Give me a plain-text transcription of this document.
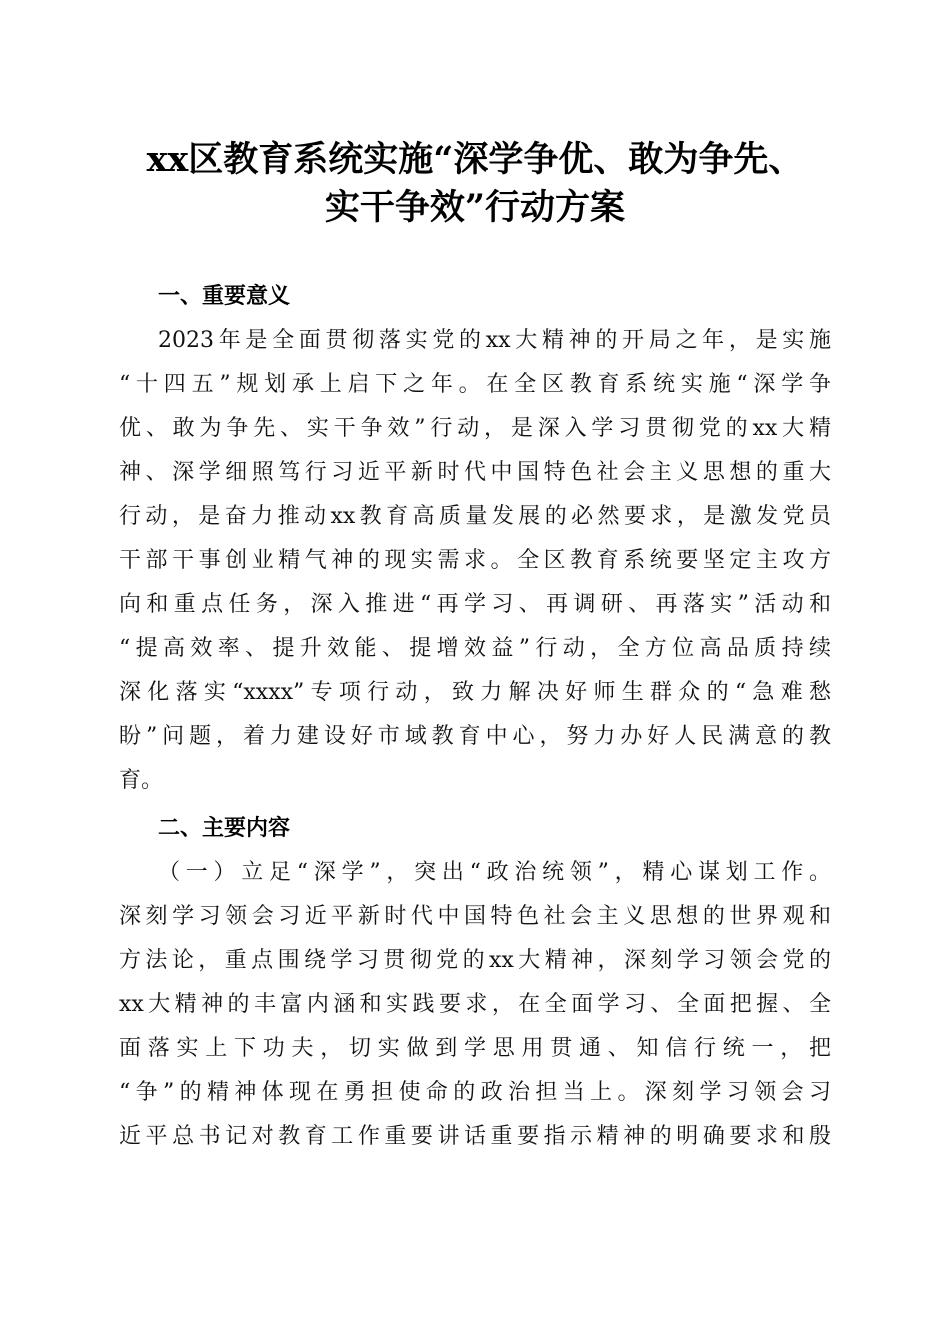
xx区教育系统实施“深学争优、敢为争先、
实干争效”行动方案
一、重要意义
2023年是全面贯彻落实党的xx大精神的开局之年，是实施
“十四五”规划承上启下之年。在全区教育系统实施“深学争
优、敢为争先、实干争效”行动，是深入学习贯彻党的xx大精
神、深学细照笃行习近平新时代中国特色社会主义思想的重大
行动，是奋力推动xx教育高质量发展的必然要求，是激发党员
干部干事创业精气神的现实需求。全区教育系统要坚定主攻方
向和重点任务，深入推进“再学习、再调研、再落实”活动和
“提高效率、提升效能、提增效益”行动，全方位高品质持续
深化落实“xxxx”专项行动，致力解决好师生群众的“急难愁
盼”问题，着力建设好市域教育中心，努力办好人民满意的教
育。
二、主要内容
（一）立足“深学”，突出“政治统领”，精心谋划工作。
深刻学习领会习近平新时代中国特色社会主义思想的世界观和
方法论，重点围绕学习贯彻党的xx大精神，深刻学习领会党的
xx大精神的丰富内涵和实践要求，在全面学习、全面把握、全
面落实上下功夫，切实做到学思用贯通、知信行统一，把
“争”的精神体现在勇担使命的政治担当上。深刻学习领会习
近平总书记对教育工作重要讲话重要指示精神的明确要求和殷
